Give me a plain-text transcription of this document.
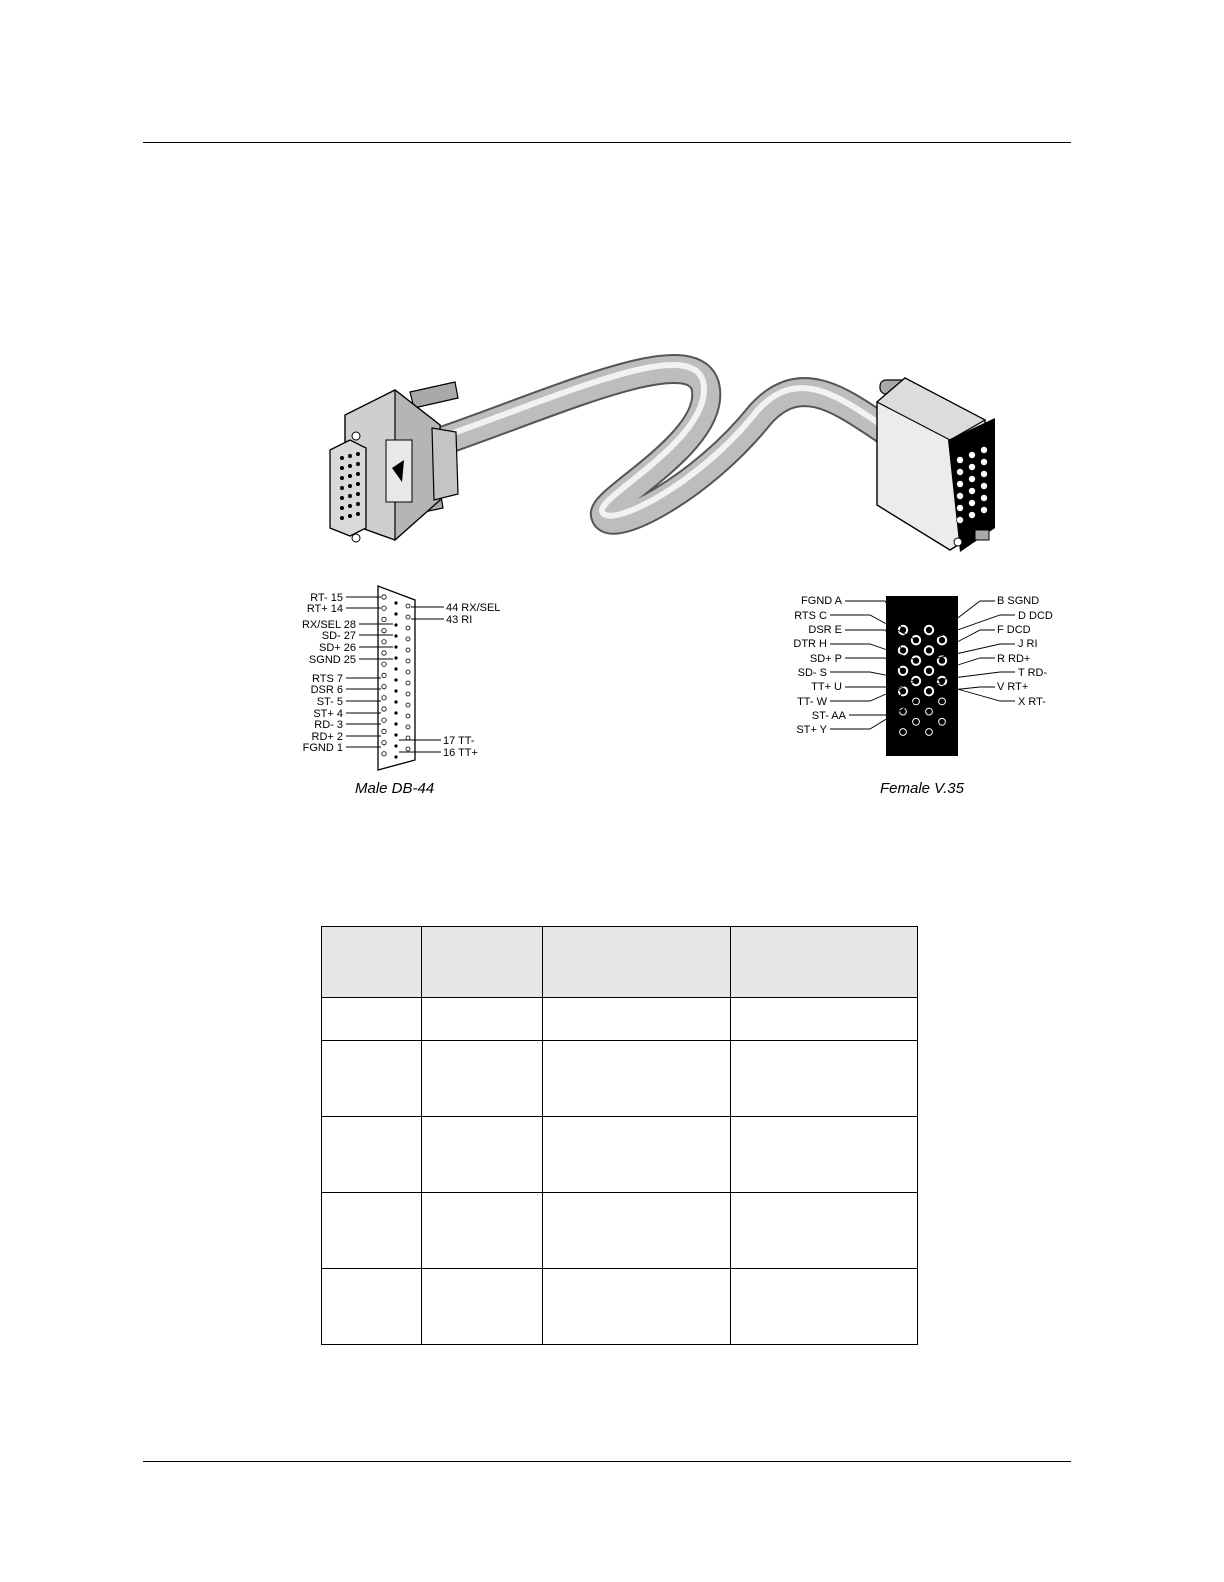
RT- 15
RT+ 14
RX/SEL 28
SD- 27
SD+ 26
SGND 25
RTS 7
DSR 6
ST- 5
ST+ 4
RD- 3
RD+ 2
FGND 1
44 RX/SEL
43 RI
17 TT-
16 TT+
FGND A
RTS C
DSR E
DTR H
SD+ P
SD- S
TT+ U
TT- W
ST- AA
ST+ Y
B SGND
D DCD
F DCD
J RI
R RD+
T RD-
V RT+
X RT-
Male DB-44	Female V.35
